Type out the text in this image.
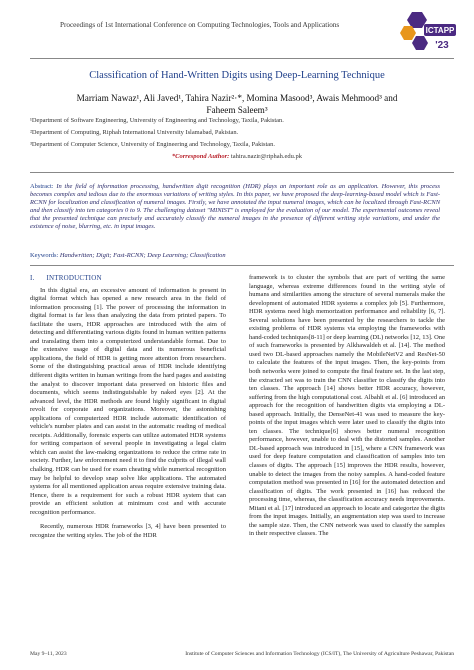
Proceedings of 1st International Conference on Computing Technologies, Tools and Applications
ICTAPP
'23
Classification of Hand-Written Digits using Deep-Learning Technique
Marriam Nawaz¹, Ali Javed¹, Tahira Nazir²·*, Momina Masood³, Awais Mehmood³ and
Faheem Saleem³
¹Department of Software Engineering, University of Engineering and Technology, Taxila, Pakistan.
²Department of Computing, Riphah International University Islamabad, Pakistan.
³Department of Computer Science, University of Engineering and Technology, Taxila, Pakistan.
*Correspond Author: tahira.nazir@riphah.edu.pk
Abstract: In the field of information processing, handwritten digit recognition (HDR) plays an important role as an application. However, this process becomes complex and tedious due to the enormous variations of writing styles. In this paper, we have proposed the deep-learning-based model which is Fast-RCNN for localization and classification of numeral images. Firstly, we have annotated the input numeral images, which can be localized through Fast-RCNN and then classify into ten categories 0 to 9. The challenging dataset "MINIST" is employed for the evaluation of our model. The experimental outcomes reveal that the presented technique can precisely and accurately classify the numeral images in the presence of different writing style variations, and under the existence of noise, blurring, etc. in input images.
Keywords: Handwritten; Digit; Fast-RCNN; Deep Learning; Classification
I. INTRODUCTION

In this digital era, an excessive amount of information is present in digital format which has opened a new research area in the field of information processing [1]. The power of processing the information in digital format is far less than analyzing the data from printed papers. To facilitate the users, HDR approaches are introduced with the aim of detecting and differentiating various digits found in human written patterns and translating them into a computerized understandable format. Due to the extensive usage of digital data and its numerous beneficial applications, the field of HDR is getting more attention from researchers. Some of the distinguishing practical areas of HDR include identifying different digits written in human writings from the hard pages and assisting the analyst to discover important data preserved on historic files and documents, which seems indistinguishable by naked eyes [2]. At the advanced level, the HDR methods are found highly significant in digital revolt for corporate and organizations. Moreover, the astonishing applications of computerized HDR include automatic identification of vehicle's number plates and can assist in the automatic reading of medical receipts. Additionally, forensic experts can utilize automated HDR systems for writing comparison of several people in investigating a legal claim which can assist the law-making organizations to reduce the crime rate in society. Further, law enforcement need it to find the culprits of illegal wall chalking. HDR can be used for exam cheating while numerical recognition may be helpful to develop snap solve like applications. The automated systems for all mentioned application areas require extensive training data. Hence, there is a requirement for such a robust HDR system that can provide an efficient solution at minimum cost and with accurate recognition performance.

Recently, numerous HDR frameworks [3, 4] have been presented to recognize the writing styles. The job of the HDR

framework is to cluster the symbols that are part of writing the same language, whereas extreme differences found in the writing style of humans and similarities among the structure of several numerals make the development of automated HDR systems a complex job [5]. Furthermore, HDR systems need high memorization performance and reliability [6, 7]. Several solutions have been presented by the researchers to tackle the existing problems of HDR systems via employing the frameworks with hand-coded techniques[8-11] or deep learning (DL) networks [12, 13]. One of such frameworks is presented by Alkhawaldeh et al. [14]. The method used two DL-based approaches namely the MobileNetV2 and ResNet-50 to calculate the features of the input images. Then, the key-points from both networks were joined to compute the final feature set. In the last step, the extracted set was to train the CNN classifier to classify the digits into ten classes. The approach [14] shows better HDR accuracy, however, suffering from the high computational cost. Albahli et al. [6] introduced an approach for the recognition of handwritten digits via employing a DL-based approach. Initially, the DenseNet-41 was used to measure the key-points of the input images which were later used to classify the digits into ten classes. The technique[6] shows better numeral recognition performance, however, unable to deal with the distorted samples. Another DL-based approach was introduced in [15], where a CNN framework was used for deep feature computation and classification of samples into ten classes of digits. The approach [15] improves the HDR results, however, unable to detect the images from the noisy samples. A hand-coded feature computation method was presented in [16] for the automated detection and classification of digits. The work presented in [16] has reduced the processing time, whereas, the classification accuracy needs improvements. Mitani et al. [17] introduced an approach to locate and categorize the digits from the input images. Initially, an augmentation step was used to increase the sample size. Then, the CNN network was used to classify the samples in their respective classes. The

May 9–11, 2023	Institute of Computer Sciences and Information Technology (ICS/IT), The University of Agriculture Peshawar, Pakistan
